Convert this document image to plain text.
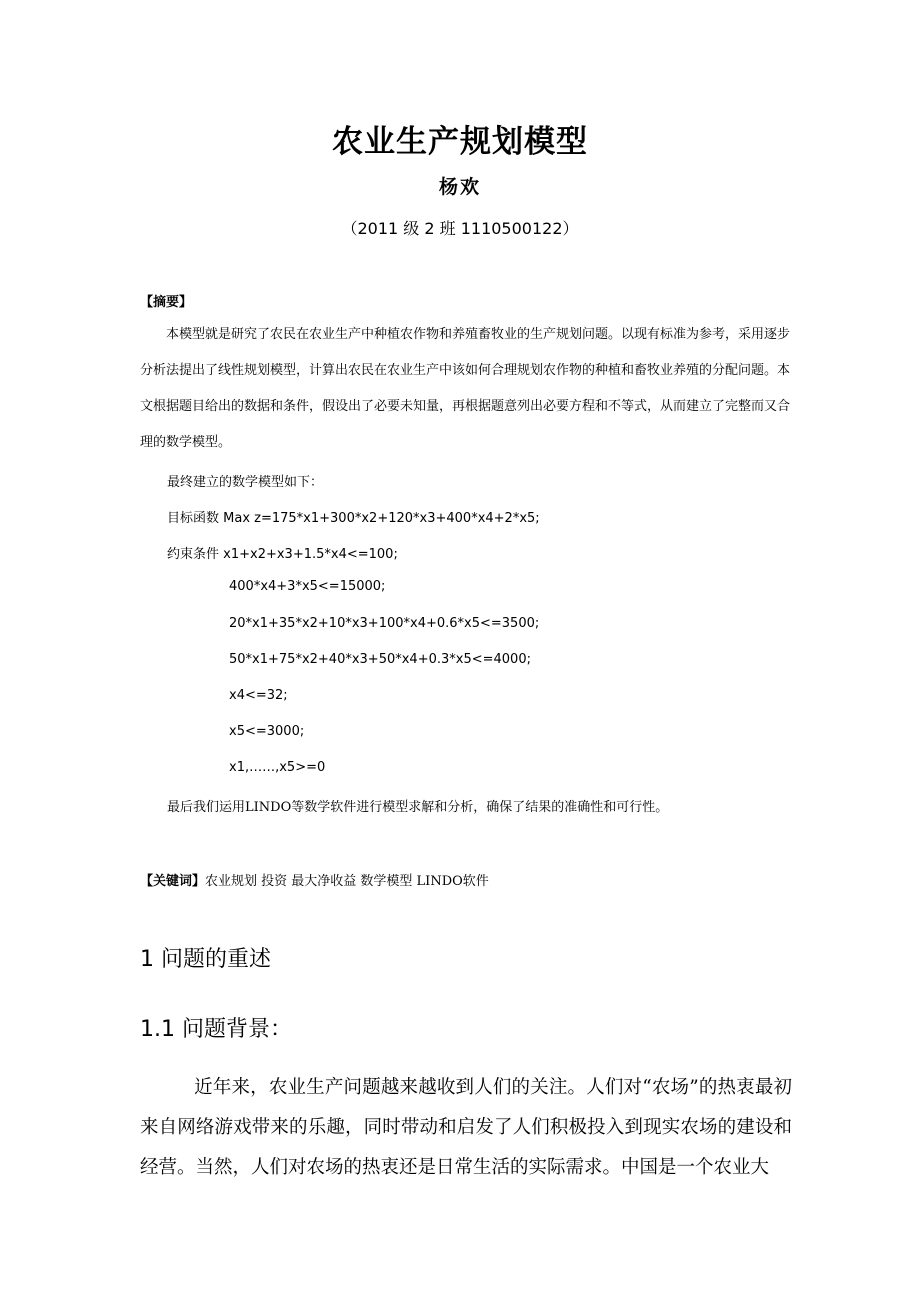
农业生产规划模型
杨欢
（2011 级 2 班 1110500122）
【摘要】
本模型就是研究了农民在农业生产中种植农作物和养殖畜牧业的生产规划问题。以现有标准为参考，采用逐步分析法提出了线性规划模型，计算出农民在农业生产中该如何合理规划农作物的种植和畜牧业养殖的分配问题。本文根据题目给出的数据和条件，假设出了必要未知量，再根据题意列出必要方程和不等式，从而建立了完整而又合理的数学模型。
最终建立的数学模型如下：
目标函数 Max z=175*x1+300*x2+120*x3+400*x4+2*x5;
约束条件 x1+x2+x3+1.5*x4<=100;
400*x4+3*x5<=15000;
20*x1+35*x2+10*x3+100*x4+0.6*x5<=3500;
50*x1+75*x2+40*x3+50*x4+0.3*x5<=4000;
x4<=32;
x5<=3000;
x1,……,x5>=0
最后我们运用LINDO等数学软件进行模型求解和分析，确保了结果的准确性和可行性。
【关键词】农业规划 投资 最大净收益 数学模型 LINDO软件
1 问题的重述
1.1 问题背景：
近年来，农业生产问题越来越收到人们的关注。人们对“农场”的热衷最初来自网络游戏带来的乐趣，同时带动和启发了人们积极投入到现实农场的建设和经营。当然，人们对农场的热衷还是日常生活的实际需求。中国是一个农业大
